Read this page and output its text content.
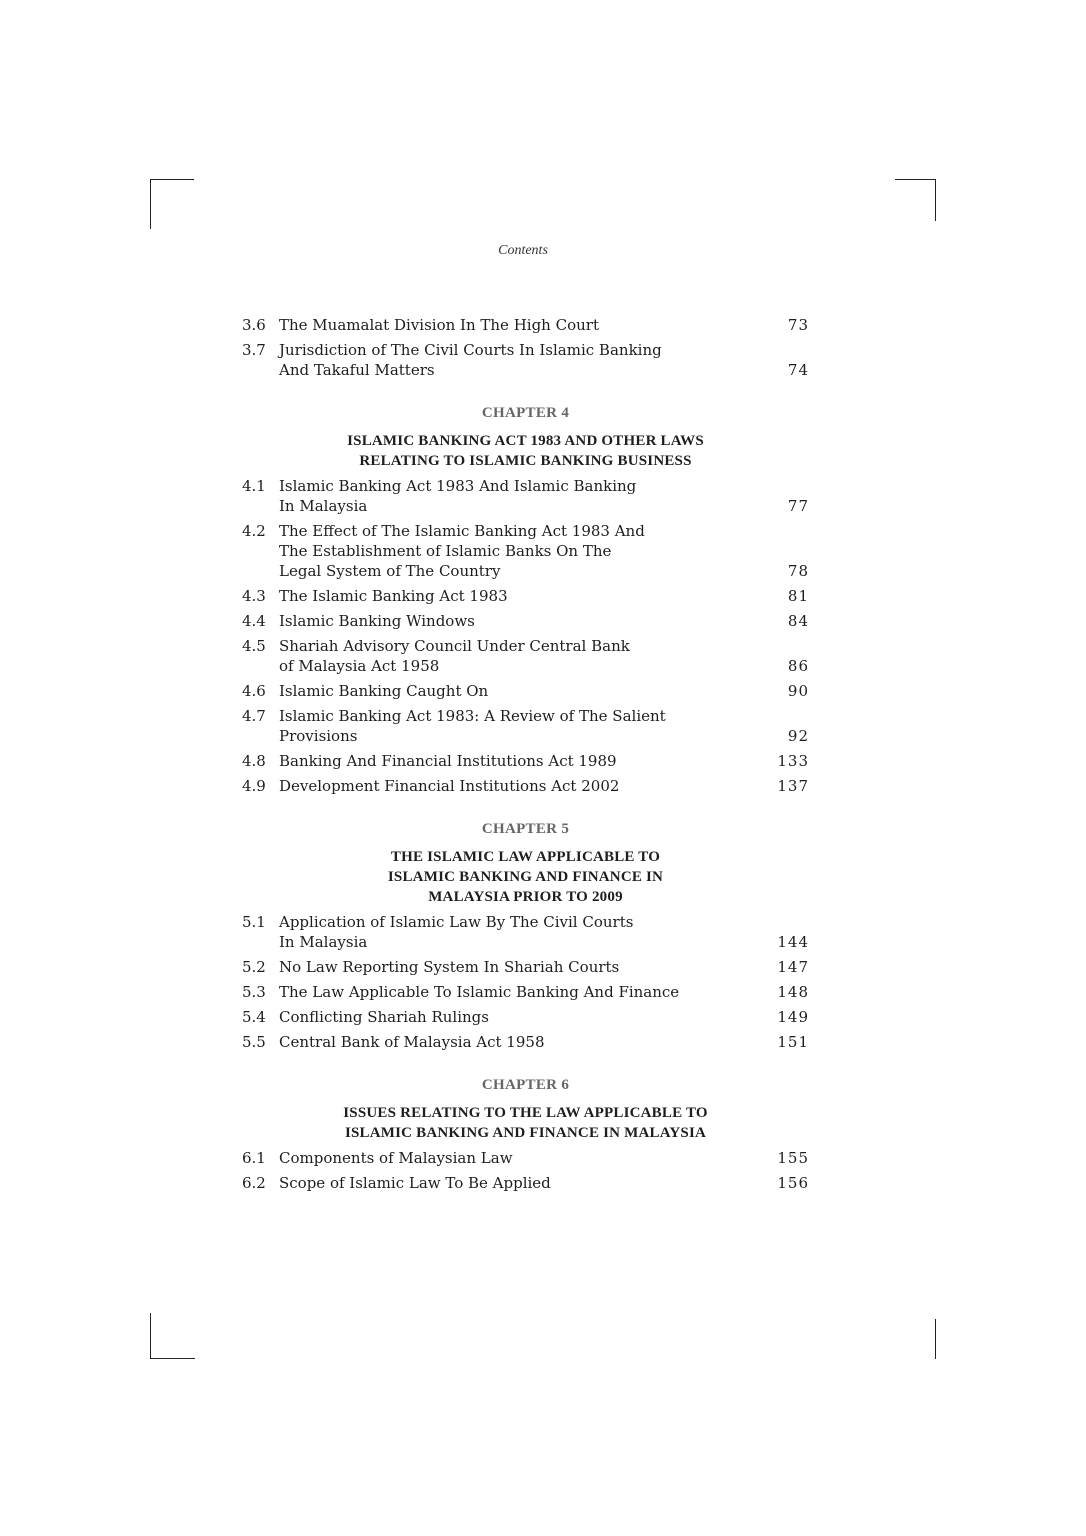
Contents
3.6 The Muamalat Division In The High Court	73
3.7 Jurisdiction of The Civil Courts In Islamic Banking
And Takaful Matters	74
CHAPTER 4
ISLAMIC BANKING ACT 1983 AND OTHER LAWS
RELATING TO ISLAMIC BANKING BUSINESS
4.1 Islamic Banking Act 1983 And Islamic Banking
In Malaysia	77
4.2 The Effect of The Islamic Banking Act 1983 And
The Establishment of Islamic Banks On The
Legal System of The Country	78
4.3 The Islamic Banking Act 1983	81
4.4 Islamic Banking Windows	84
4.5 Shariah Advisory Council Under Central Bank
of Malaysia Act 1958	86
4.6 Islamic Banking Caught On	90
4.7 Islamic Banking Act 1983: A Review of The Salient
Provisions	92
4.8 Banking And Financial Institutions Act 1989	133
4.9 Development Financial Institutions Act 2002	137
CHAPTER 5
THE ISLAMIC LAW APPLICABLE TO
ISLAMIC BANKING AND FINANCE IN
MALAYSIA PRIOR TO 2009
5.1 Application of Islamic Law By The Civil Courts
In Malaysia	144
5.2 No Law Reporting System In Shariah Courts	147
5.3 The Law Applicable To Islamic Banking And Finance	148
5.4 Conflicting Shariah Rulings	149
5.5 Central Bank of Malaysia Act 1958	151
CHAPTER 6
ISSUES RELATING TO THE LAW APPLICABLE TO
ISLAMIC BANKING AND FINANCE IN MALAYSIA
6.1 Components of Malaysian Law	155
6.2 Scope of Islamic Law To Be Applied	156
